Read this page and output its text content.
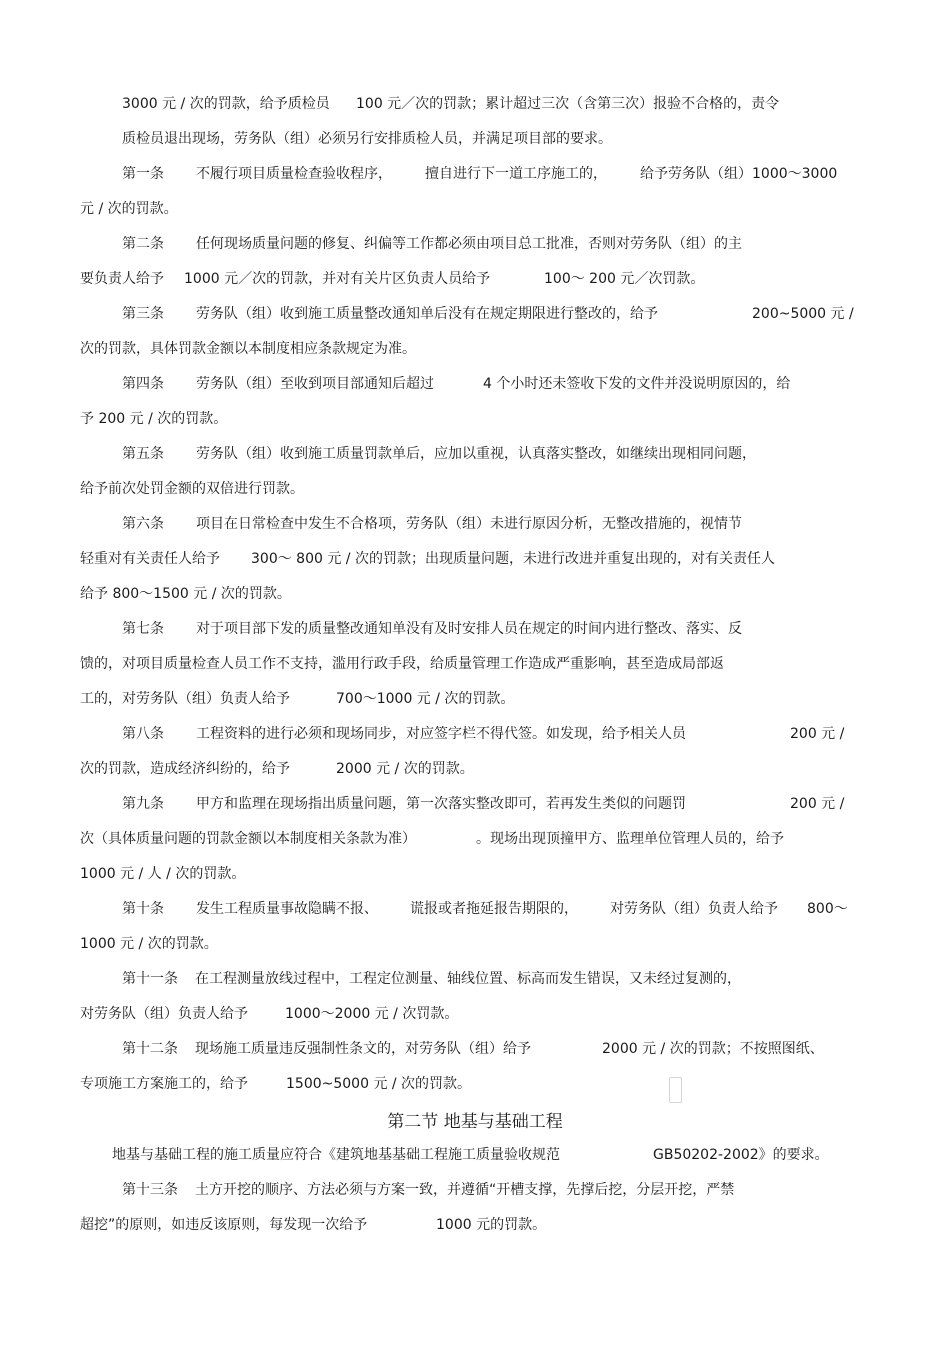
3000 元 / 次的罚款，给予质检员 100 元／次的罚款；累计超过三次（含第三次）报验不合格的，责令
质检员退出现场，劳务队（组）必须另行安排质检人员，并满足项目部的要求。
第一条 不履行项目质量检查验收程序， 擅自进行下一道工序施工的， 给予劳务队（组）1000～3000
元 / 次的罚款。
第二条 任何现场质量问题的修复、纠偏等工作都必须由项目总工批准，否则对劳务队（组）的主
要负责人给予 1000 元／次的罚款，并对有关片区负责人员给予	100～ 200 元／次罚款。
第三条 劳务队（组）收到施工质量整改通知单后没有在规定期限进行整改的，给予	200~5000 元 /
次的罚款，具体罚款金额以本制度相应条款规定为准。
第四条 劳务队（组）至收到项目部通知后超过	4 个小时还未签收下发的文件并没说明原因的，给
予 200 元 / 次的罚款。
第五条 劳务队（组）收到施工质量罚款单后，应加以重视，认真落实整改，如继续出现相同问题，
给予前次处罚金额的双倍进行罚款。
第六条 项目在日常检查中发生不合格项，劳务队（组）未进行原因分析，无整改措施的，视情节
轻重对有关责任人给予 300～ 800 元 / 次的罚款；出现质量问题，未进行改进并重复出现的，对有关责任人
给予 800～1500 元 / 次的罚款。
第七条 对于项目部下发的质量整改通知单没有及时安排人员在规定的时间内进行整改、落实、反
馈的，对项目质量检查人员工作不支持，滥用行政手段，给质量管理工作造成严重影响，甚至造成局部返
工的，对劳务队（组）负责人给予	700～1000 元 / 次的罚款。
第八条 工程资料的进行必须和现场同步，对应签字栏不得代签。如发现，给予相关人员	200 元 /
次的罚款，造成经济纠纷的，给予	2000 元 / 次的罚款。
第九条 甲方和监理在现场指出质量问题，第一次落实整改即可，若再发生类似的问题罚	200 元 /
次（具体质量问题的罚款金额以本制度相关条款为准）	。现场出现顶撞甲方、监理单位管理人员的，给予
1000 元 / 人 / 次的罚款。
第十条 发生工程质量事故隐瞒不报、 谎报或者拖延报告期限的， 对劳务队（组）负责人给予 800～
1000 元 / 次的罚款。
第十一条 在工程测量放线过程中，工程定位测量、轴线位置、标高而发生错误，又未经过复测的，
对劳务队（组）负责人给予	1000～2000 元 / 次罚款。
第十二条 现场施工质量违反强制性条文的，对劳务队（组）给予	2000 元 / 次的罚款；不按照图纸、
专项施工方案施工的，给予	1500~5000 元 / 次的罚款。
第二节 地基与基础工程
地基与基础工程的施工质量应符合《建筑地基基础工程施工质量验收规范	GB50202-2002》的要求。
第十三条 土方开挖的顺序、方法必须与方案一致，并遵循“开槽支撑，先撑后挖，分层开挖，严禁
超挖”的原则，如违反该原则，每发现一次给予	1000 元的罚款。
